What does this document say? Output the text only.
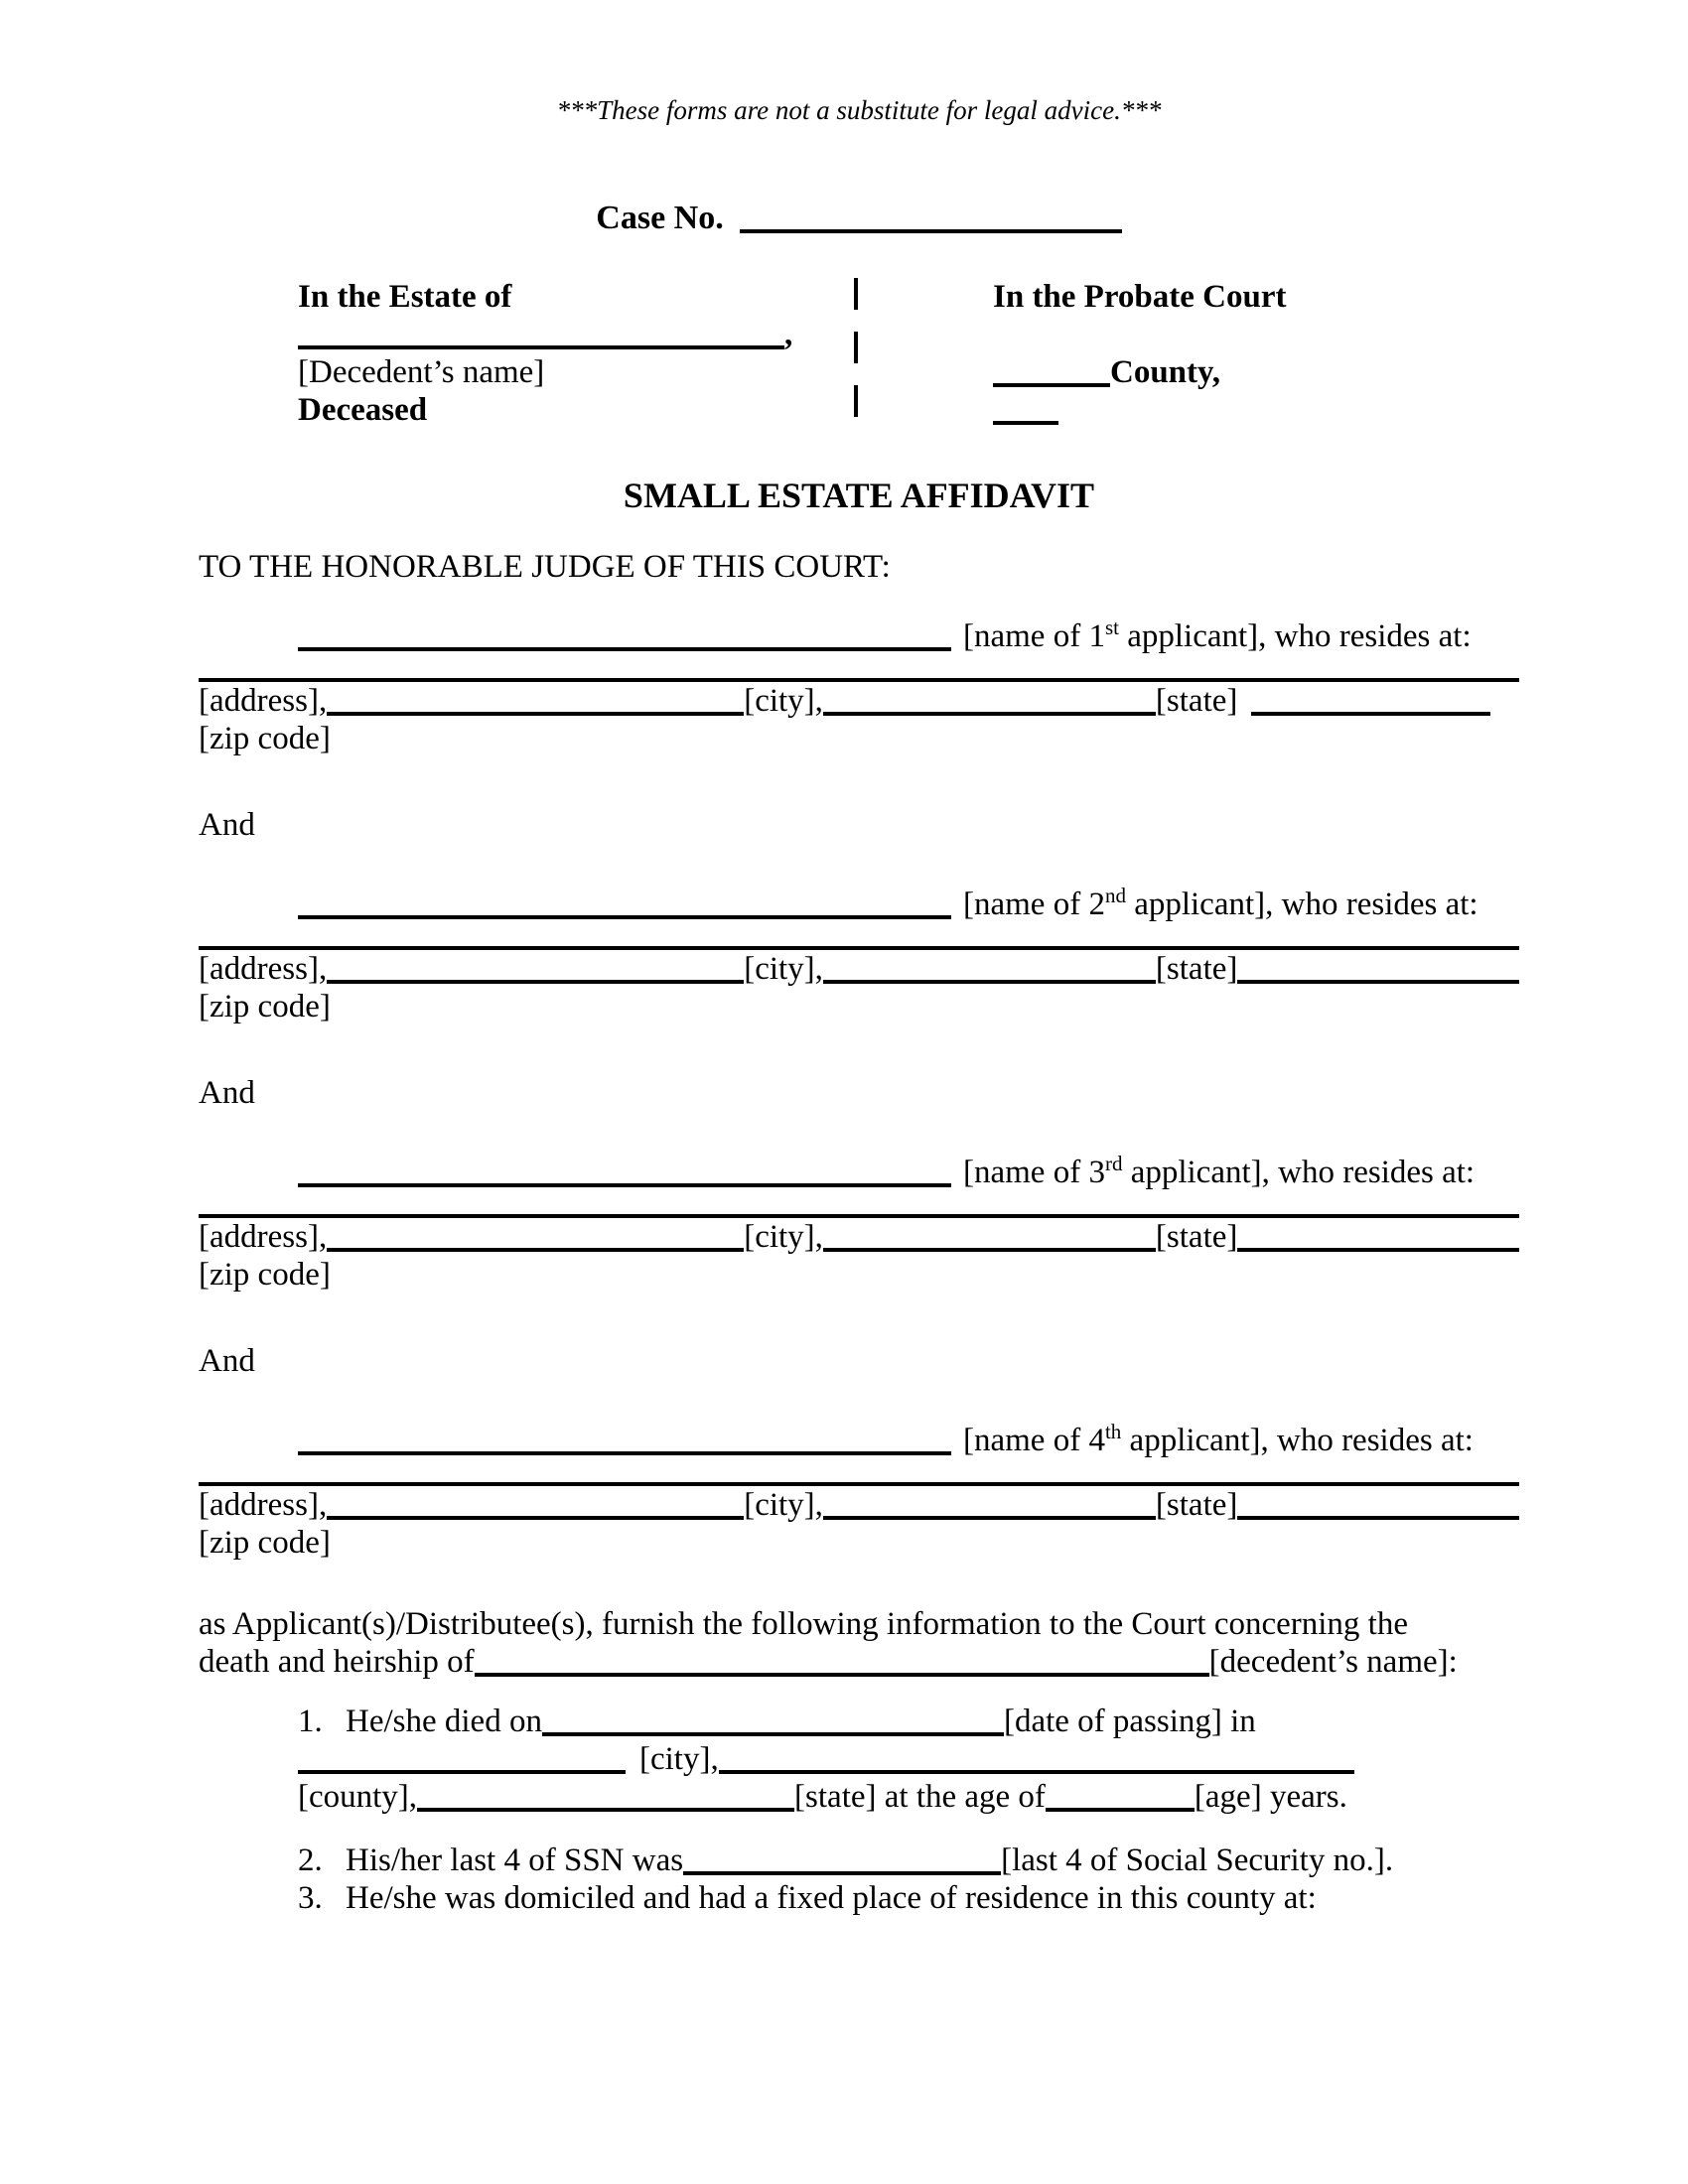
***These forms are not a substitute for legal advice.***
Case No.
In the Estate of
,
[Decedent’s name]
Deceased
In the Probate Court

County,
SMALL ESTATE AFFIDAVIT
TO THE HONORABLE JUDGE OF THIS COURT:
[name of 1st applicant], who resides at:
[address],	[city],	[state]
[zip code]
And
[name of 2nd applicant], who resides at:
[address],	[city],	[state]
[zip code]
And
[name of 3rd applicant], who resides at:
[address],	[city],	[state]
[zip code]
And
[name of 4th applicant], who resides at:
[address],	[city],	[state]
[zip code]
as Applicant(s)/Distributee(s), furnish the following information to the Court concerning the
death and heirship of	[decedent’s name]:
1. He/she died on	[date of passing] in
[city],
[county],	[state] at the age of	[age] years.
2. His/her last 4 of SSN was	[last 4 of Social Security no.].
3. He/she was domiciled and had a fixed place of residence in this county at:
